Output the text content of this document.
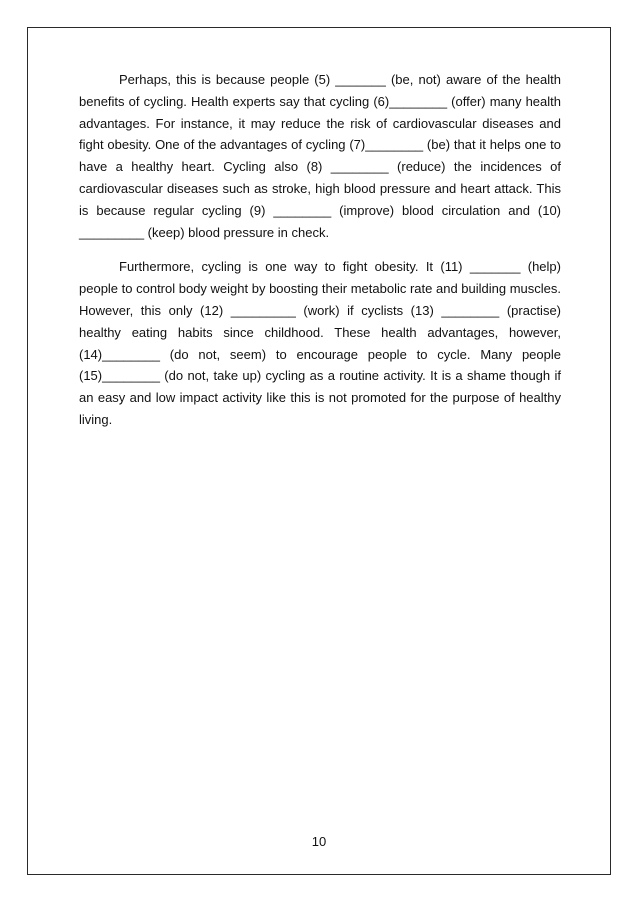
Perhaps, this is because people (5) _______ (be, not) aware of the health benefits of cycling. Health experts say that cycling (6)________ (offer) many health advantages. For instance, it may reduce the risk of cardiovascular diseases and fight obesity. One of the advantages of cycling (7)________ (be) that it helps one to have a healthy heart. Cycling also (8) ________ (reduce) the incidences of cardiovascular diseases such as stroke, high blood pressure and heart attack. This is because regular cycling (9) ________ (improve) blood circulation and (10) _________ (keep) blood pressure in check.

Furthermore, cycling is one way to fight obesity. It (11) _______ (help) people to control body weight by boosting their metabolic rate and building muscles. However, this only (12) _________ (work) if cyclists (13) ________ (practise) healthy eating habits since childhood. These health advantages, however, (14)________ (do not, seem) to encourage people to cycle. Many people (15)________ (do not, take up) cycling as a routine activity. It is a shame though if an easy and low impact activity like this is not promoted for the purpose of healthy living.

10
